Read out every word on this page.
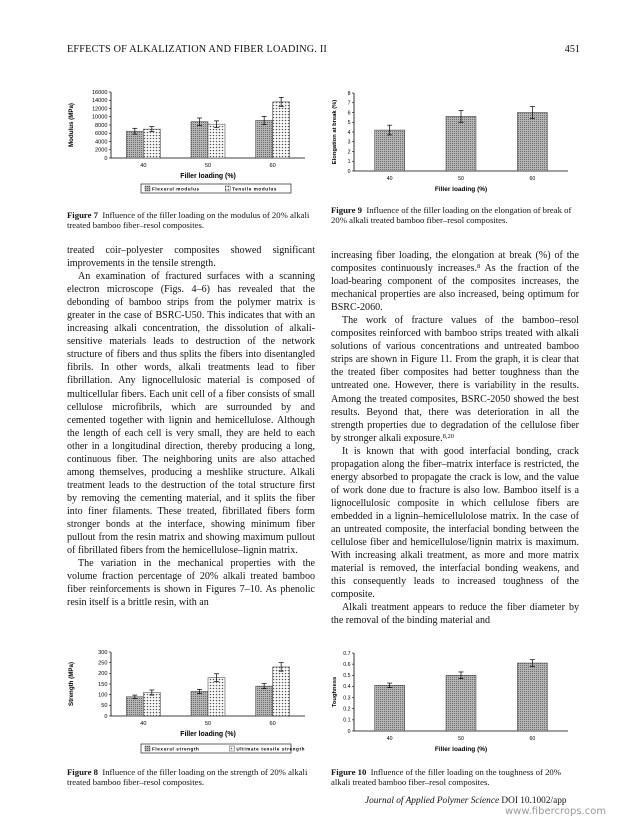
EFFECTS OF ALKALIZATION AND FIBER LOADING. II	451
0
2000
4000
6000
8000
10000
12000
14000
16000
40	50	60
Filler loading (%)
Modulus (MPa)
Flexural modulus	Tensile modulus
Figure 7 Influence of the filler loading on the modulus of 20% alkali treated bamboo fiber–resol composites.
0
1
2
3
4
5
6
7
8
40	50	60
Filler loading (%)
Elongation at break (%)
Figure 9 Influence of the filler loading on the elongation of break of 20% alkali treated bamboo fiber–resol composites.

treated coir–polyester composites showed significant improvements in the tensile strength.

An examination of fractured surfaces with a scanning electron microscope (Figs. 4–6) has revealed that the debonding of bamboo strips from the polymer matrix is greater in the case of BSRC-U50. This indicates that with an increasing alkali concentration, the dissolution of alkali-sensitive materials leads to destruction of the network structure of fibers and thus splits the fibers into disentangled fibrils. In other words, alkali treatments lead to fiber fibrillation. Any lignocellulosic material is composed of multicellular fibers. Each unit cell of a fiber consists of small cellulose microfibrils, which are surrounded by and cemented together with lignin and hemicellulose. Although the length of each cell is very small, they are held to each other in a longitudinal direction, thereby producing a long, continuous fiber. The neighboring units are also attached among themselves, producing a meshlike structure. Alkali treatment leads to the destruction of the total structure first by removing the cementing material, and it splits the fiber into finer filaments. These treated, fibrillated fibers form stronger bonds at the interface, showing minimum fiber pullout from the resin matrix and showing maximum pullout of fibrillated fibers from the hemicellulose–lignin matrix.

The variation in the mechanical properties with the volume fraction percentage of 20% alkali treated bamboo fiber reinforcements is shown in Figures 7–10. As phenolic resin itself is a brittle resin, with an

increasing fiber loading, the elongation at break (%) of the composites continuously increases.$^8$ As the fraction of the load-bearing component of the composites increases, the mechanical properties are also increased, being optimum for BSRC-2060.

The work of fracture values of the bamboo–resol composites reinforced with bamboo strips treated with alkali solutions of various concentrations and untreated bamboo strips are shown in Figure 11. From the graph, it is clear that the treated fiber composites had better toughness than the untreated one. However, there is variability in the results. Among the treated composites, BSRC-2050 showed the best results. Beyond that, there was deterioration in all the strength properties due to degradation of the cellulose fiber by stronger alkali exposure.$^{8,20}$

It is known that with good interfacial bonding, crack propagation along the fiber–matrix interface is restricted, the energy absorbed to propagate the crack is low, and the value of work done due to fracture is also low. Bamboo itself is a lignocellulosic composite in which cellulose fibers are embedded in a lignin–hemicellulolose matrix. In the case of an untreated composite, the interfacial bonding between the cellulose fiber and hemicellulose/lignin matrix is maximum. With increasing alkali treatment, as more and more matrix material is removed, the interfacial bonding weakens, and this consequently leads to increased toughness of the composite.

Alkali treatment appears to reduce the fiber diameter by the removal of the binding material and

0
50
100
150
200
250
300
40	50	60
Filler loading (%)
Strength (MPa)
Flexural strength	Ultimate tensile strength
Figure 8 Influence of the filler loading on the strength of 20% alkali treated bamboo fiber–resol composites.
0
0.1
0.2
0.3
0.4
0.5
0.6
0.7
40	50	60
Filler loading (%)
Toughness
Figure 10 Influence of the filler loading on the toughness of 20% alkali treated bamboo fiber–resol composites.
Journal of Applied Polymer Science DOI 10.1002/app
www.fibercrops.com
